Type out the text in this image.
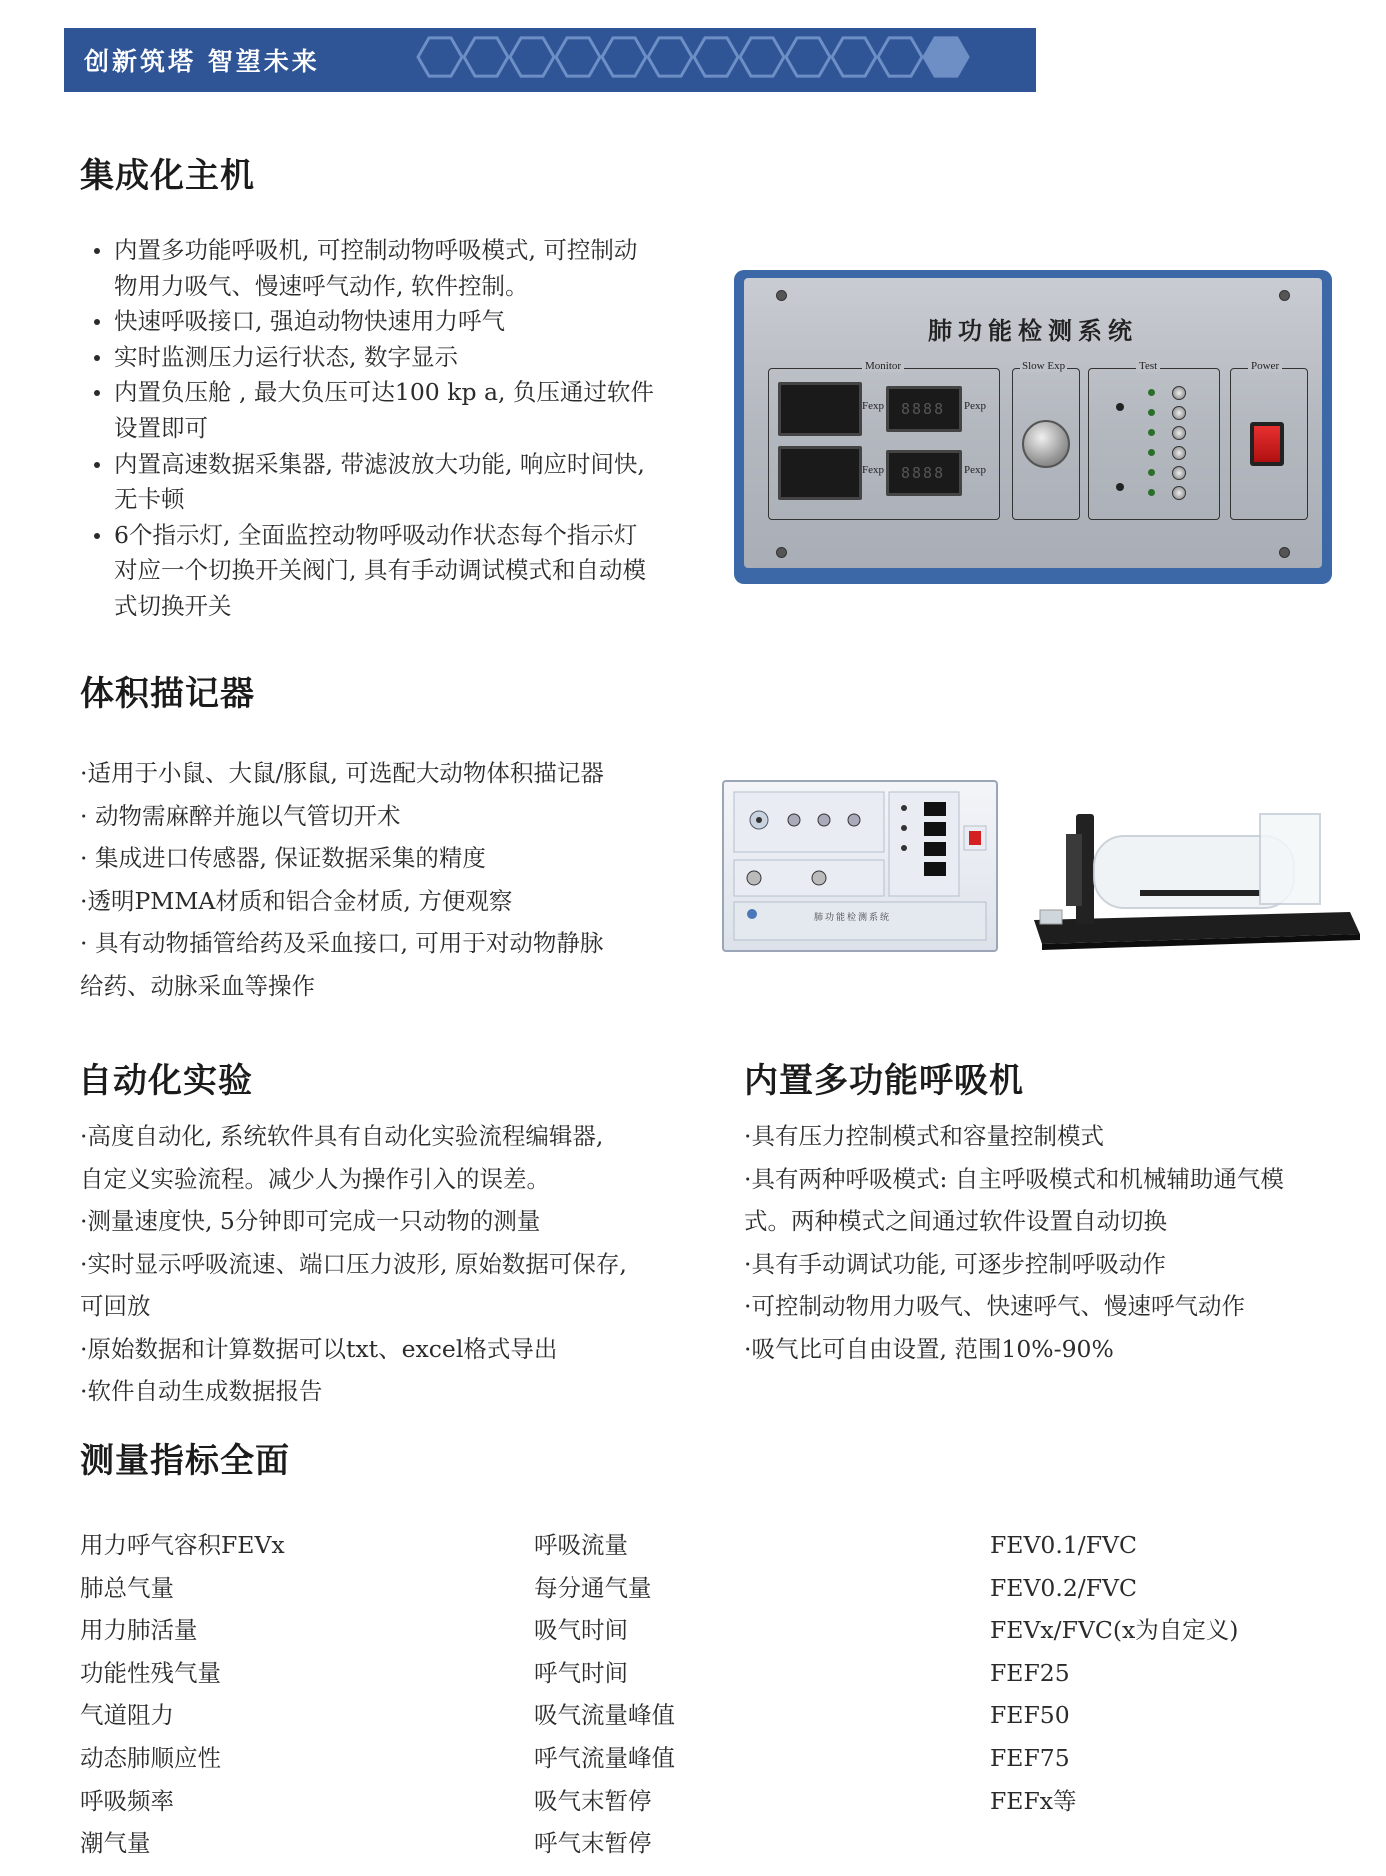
创新筑塔 智望未来
集成化主机
内置多功能呼吸机, 可控制动物呼吸模式, 可控制动
物用力吸气、慢速呼气动作, 软件控制。
快速呼吸接口, 强迫动物快速用力呼气
实时监测压力运行状态, 数字显示
内置负压舱 , 最大负压可达100 kp a, 负压通过软件
设置即可
内置高速数据采集器, 带滤波放大功能, 响应时间快,
无卡顿
6个指示灯, 全面监控动物呼吸动作状态每个指示灯
对应一个切换开关阀门, 具有手动调试模式和自动模
式切换开关
肺功能检测系统
Monitor
Fexp 8888 Pexp
Fexp 8888 Pexp
Slow Exp	Test	Power
体积描记器
·适用于小鼠、大鼠/豚鼠, 可选配大动物体积描记器
· 动物需麻醉并施以气管切开术
· 集成进口传感器, 保证数据采集的精度
·透明PMMA材质和铝合金材质, 方便观察
· 具有动物插管给药及采血接口, 可用于对动物静脉
给药、动脉采血等操作
肺功能检测系统
自动化实验
·高度自动化, 系统软件具有自动化实验流程编辑器,
自定义实验流程。减少人为操作引入的误差。
·测量速度快, 5分钟即可完成一只动物的测量
·实时显示呼吸流速、端口压力波形, 原始数据可保存,
可回放
·原始数据和计算数据可以txt、excel格式导出
·软件自动生成数据报告
内置多功能呼吸机
·具有压力控制模式和容量控制模式
·具有两种呼吸模式: 自主呼吸模式和机械辅助通气模
式。两种模式之间通过软件设置自动切换
·具有手动调试功能, 可逐步控制呼吸动作
·可控制动物用力吸气、快速呼气、慢速呼气动作
·吸气比可自由设置, 范围10%-90%
测量指标全面
用力呼气容积FEVx
肺总气量
用力肺活量
功能性残气量
气道阻力
动态肺顺应性
呼吸频率
潮气量
呼吸流量
每分通气量
吸气时间
呼气时间
吸气流量峰值
呼气流量峰值
吸气末暂停
呼气末暂停
FEV0.1/FVC
FEV0.2/FVC
FEVx/FVC(x为自定义)
FEF25
FEF50
FEF75
FEFx等
